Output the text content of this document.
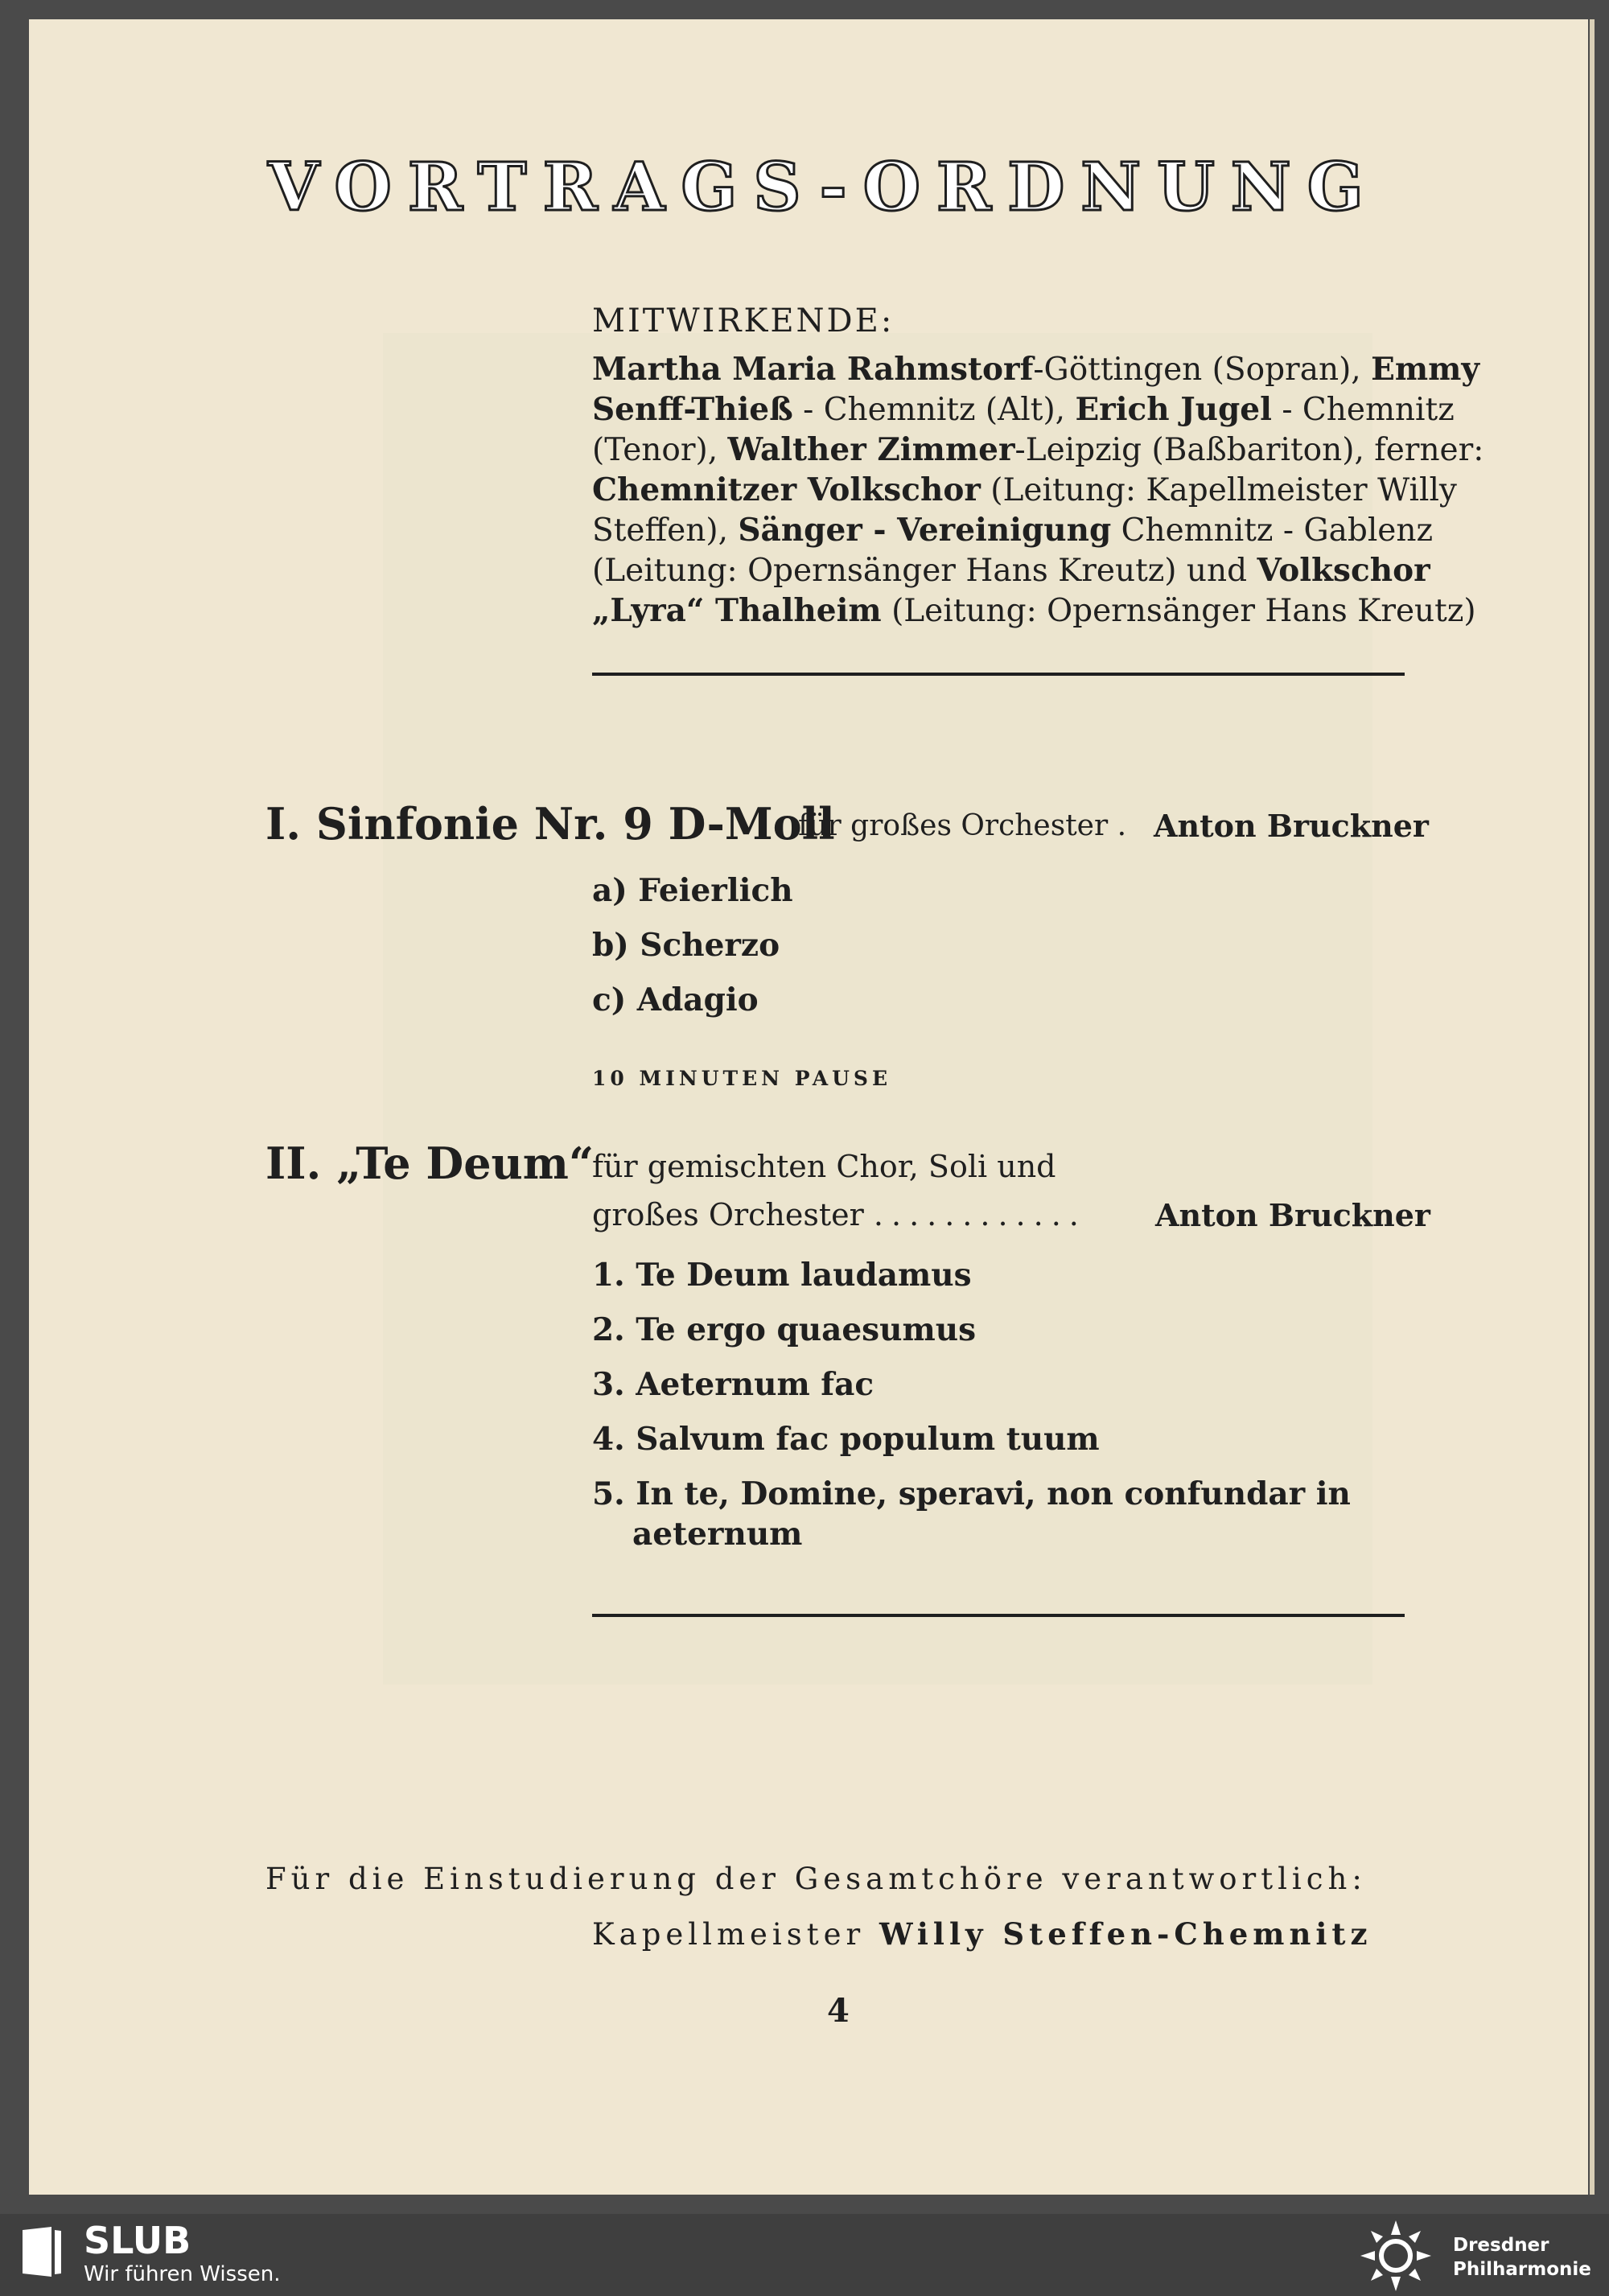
VORTRAGS-ORDNUNG
MITWIRKENDE:
Martha Maria Rahmstorf-Göttingen (Sopran), Emmy
Senff-Thieß - Chemnitz (Alt), Erich Jugel - Chemnitz
(Tenor), Walther Zimmer-Leipzig (Baßbariton), ferner:
Chemnitzer Volkschor (Leitung: Kapellmeister Willy
Steffen), Sänger - Vereinigung Chemnitz - Gablenz
(Leitung: Opernsänger Hans Kreutz) und Volkschor
„Lyra“ Thalheim (Leitung: Opernsänger Hans Kreutz)
I. Sinfonie Nr. 9 D-Moll
für großes Orchester . Anton Bruckner
a) Feierlich
b) Scherzo
c) Adagio
10 MINUTEN PAUSE
II. „Te Deum“
für gemischten Chor, Soli und
großes Orchester ............ Anton Bruckner
1. Te Deum laudamus
2. Te ergo quaesumus
3. Aeternum fac
4. Salvum fac populum tuum
5. In te, Domine, speravi, non confundar in
aeternum
Für die Einstudierung der Gesamtchöre verantwortlich:
Kapellmeister Willy Steffen-Chemnitz
4
SLUB
Wir führen Wissen.
Dresdner
Philharmonie
